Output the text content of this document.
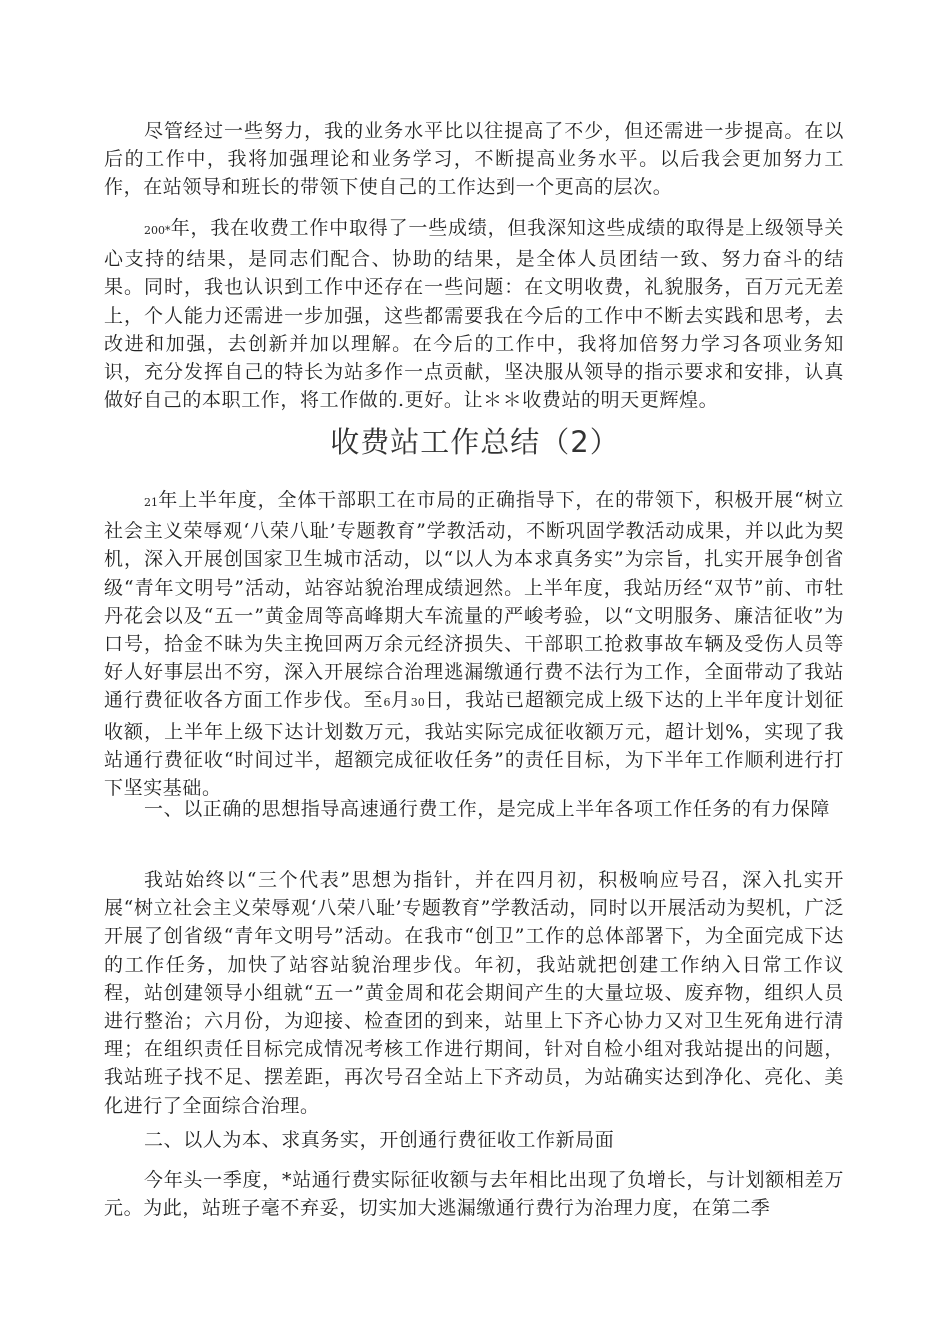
尽管经过一些努力，我的业务水平比以往提高了不少，但还需进一步提高。在以后的工作中，我将加强理论和业务学习，不断提高业务水平。以后我会更加努力工作，在站领导和班长的带领下使自己的工作达到一个更高的层次。

200*年，我在收费工作中取得了一些成绩，但我深知这些成绩的取得是上级领导关心支持的结果，是同志们配合、协助的结果，是全体人员团结一致、努力奋斗的结果。同时，我也认识到工作中还存在一些问题：在文明收费，礼貌服务，百万元无差上，个人能力还需进一步加强，这些都需要我在今后的工作中不断去实践和思考，去改进和加强，去创新并加以理解。在今后的工作中，我将加倍努力学习各项业务知识，充分发挥自己的特长为站多作一点贡献，坚决服从领导的指示要求和安排，认真做好自己的本职工作，将工作做的.更好。让＊＊收费站的明天更辉煌。

收费站工作总结（2）

21年上半年度，全体干部职工在市局的正确指导下，在的带领下，积极开展“树立社会主义荣辱观‘八荣八耻’专题教育”学教活动，不断巩固学教活动成果，并以此为契机，深入开展创国家卫生城市活动，以“以人为本求真务实”为宗旨，扎实开展争创省级“青年文明号”活动，站容站貌治理成绩迥然。上半年度，我站历经“双节”前、市牡丹花会以及“五一”黄金周等高峰期大车流量的严峻考验，以“文明服务、廉洁征收”为口号，拾金不昧为失主挽回两万余元经济损失、干部职工抢救事故车辆及受伤人员等好人好事层出不穷，深入开展综合治理逃漏缴通行费不法行为工作，全面带动了我站通行费征收各方面工作步伐。至6月30日，我站已超额完成上级下达的上半年度计划征收额，上半年上级下达计划数万元，我站实际完成征收额万元，超计划%，实现了我站通行费征收“时间过半，超额完成征收任务”的责任目标，为下半年工作顺利进行打下坚实基础。

一、以正确的思想指导高速通行费工作，是完成上半年各项工作任务的有力保障

我站始终以“三个代表”思想为指针，并在四月初，积极响应号召，深入扎实开展“树立社会主义荣辱观‘八荣八耻’专题教育”学教活动，同时以开展活动为契机，广泛开展了创省级“青年文明号”活动。在我市“创卫”工作的总体部署下，为全面完成下达的工作任务，加快了站容站貌治理步伐。年初，我站就把创建工作纳入日常工作议程，站创建领导小组就“五一”黄金周和花会期间产生的大量垃圾、废弃物，组织人员进行整治；六月份，为迎接、检查团的到来，站里上下齐心协力又对卫生死角进行清理；在组织责任目标完成情况考核工作进行期间，针对自检小组对我站提出的问题，我站班子找不足、摆差距，再次号召全站上下齐动员，为站确实达到净化、亮化、美化进行了全面综合治理。

二、以人为本、求真务实，开创通行费征收工作新局面

今年头一季度，*站通行费实际征收额与去年相比出现了负增长，与计划额相差万元。为此，站班子毫不弃妥，切实加大逃漏缴通行费行为治理力度，在第二季
